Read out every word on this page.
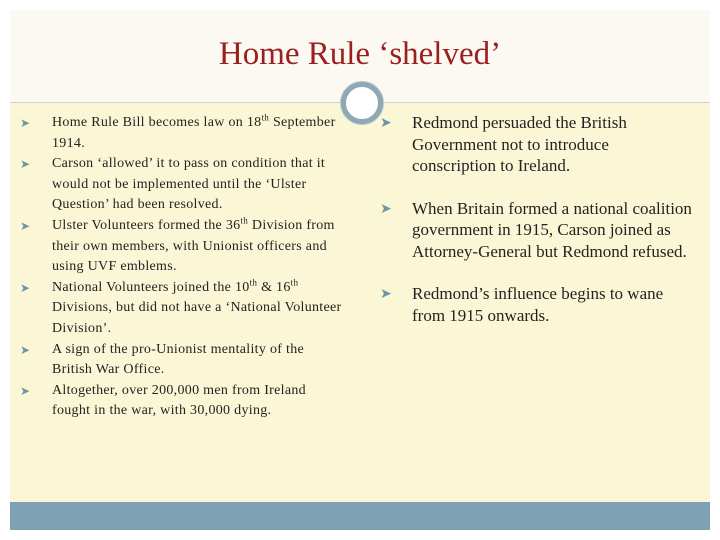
Home Rule ‘shelved’
➤ Home Rule Bill becomes law on 18th September 1914.
➤ Carson ‘allowed’ it to pass on condition that it would not be implemented until the ‘Ulster Question’ had been resolved.
➤ Ulster Volunteers formed the 36th Division from their own members, with Unionist officers and using UVF emblems.
➤ National Volunteers joined the 10th & 16th Divisions, but did not have a ‘National Volunteer Division’.
➤ A sign of the pro-Unionist mentality of the British War Office.
➤ Altogether, over 200,000 men from Ireland fought in the war, with 30,000 dying.
➤ Redmond persuaded the British Government not to introduce conscription to Ireland.
➤ When Britain formed a national coalition government in 1915, Carson joined as Attorney-General but Redmond refused.
➤ Redmond’s influence begins to wane from 1915 onwards.
